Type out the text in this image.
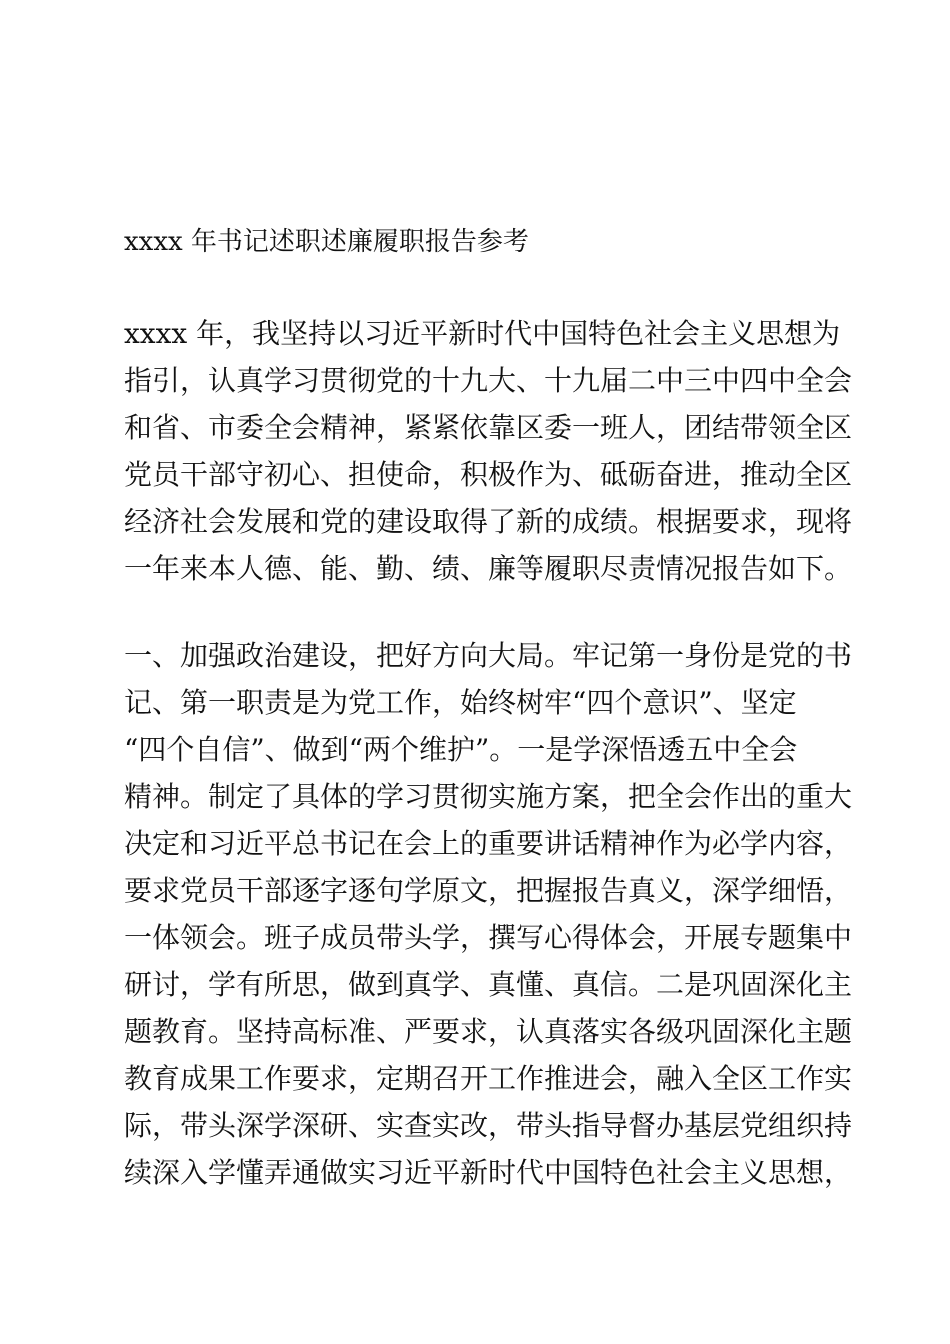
xxxx 年书记述职述廉履职报告参考
xxxx 年，我坚持以习近平新时代中国特色社会主义思想为
指引，认真学习贯彻党的十九大、十九届二中三中四中全会
和省、市委全会精神，紧紧依靠区委一班人，团结带领全区
党员干部守初心、担使命，积极作为、砥砺奋进，推动全区
经济社会发展和党的建设取得了新的成绩。根据要求，现将
一年来本人德、能、勤、绩、廉等履职尽责情况报告如下。
一、加强政治建设，把好方向大局。牢记第一身份是党的书
记、第一职责是为党工作，始终树牢“四个意识”、坚定
“四个自信”、做到“两个维护”。一是学深悟透五中全会
精神。制定了具体的学习贯彻实施方案，把全会作出的重大
决定和习近平总书记在会上的重要讲话精神作为必学内容，
要求党员干部逐字逐句学原文，把握报告真义，深学细悟，
一体领会。班子成员带头学，撰写心得体会，开展专题集中
研讨，学有所思，做到真学、真懂、真信。二是巩固深化主
题教育。坚持高标准、严要求，认真落实各级巩固深化主题
教育成果工作要求，定期召开工作推进会，融入全区工作实
际，带头深学深研、实查实改，带头指导督办基层党组织持
续深入学懂弄通做实习近平新时代中国特色社会主义思想，
